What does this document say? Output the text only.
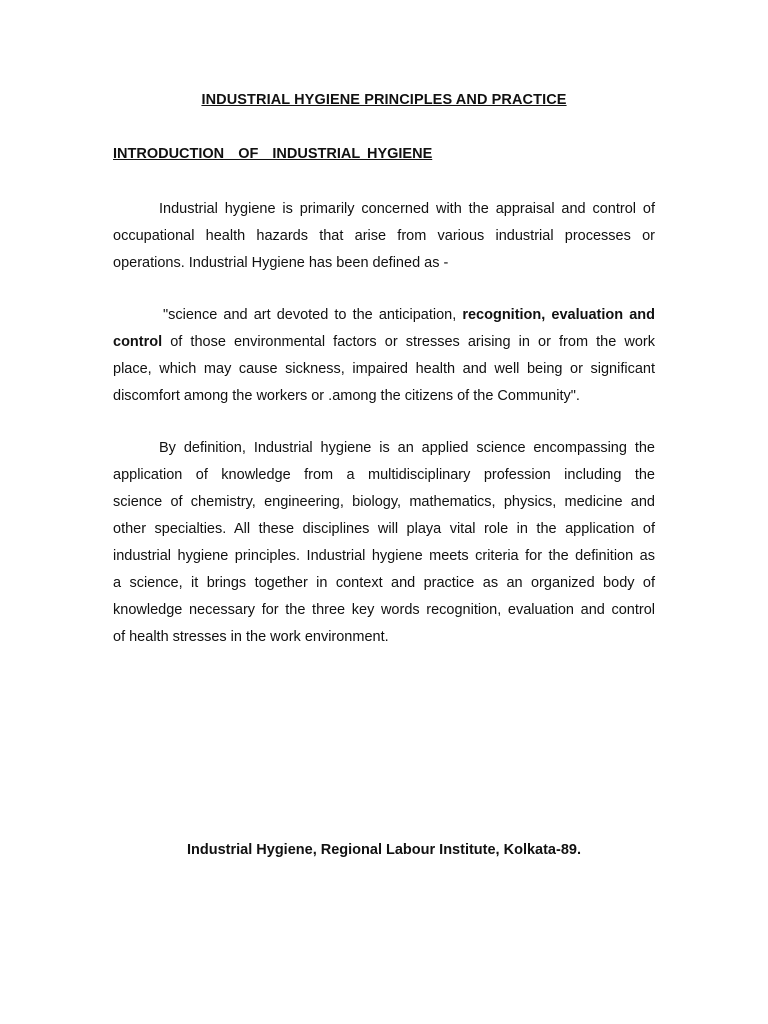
INDUSTRIAL HYGIENE PRINCIPLES AND PRACTICE
INTRODUCTION  OF  INDUSTRIAL HYGIENE
Industrial hygiene is primarily concerned with the appraisal and control of
occupational health hazards that arise from various industrial processes or
operations. Industrial Hygiene has been defined as -
"science and art devoted to the anticipation, recognition, evaluation and
control of those environmental factors or stresses arising in or from the work
place, which may cause sickness, impaired health and well being or significant
discomfort among the workers or .among the citizens of the Community".
By definition, Industrial hygiene is an applied science encompassing the
application of knowledge from a multidisciplinary profession including the
science of chemistry, engineering, biology, mathematics, physics, medicine and
other specialties. All these disciplines will playa vital role in the application of
industrial hygiene principles. Industrial hygiene meets criteria for the definition as
a science, it brings together in context and practice as an organized body of
knowledge necessary for the three key words recognition, evaluation and control
of health stresses in the work environment.
Industrial Hygiene, Regional Labour Institute, Kolkata-89.
